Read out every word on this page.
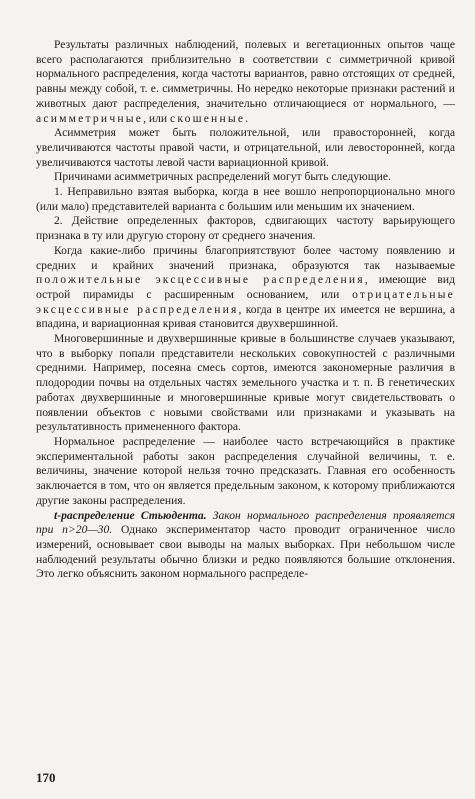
Результаты различных наблюдений, полевых и вегетационных опытов чаще всего располагаются приблизительно в соответствии с симметричной кривой нормального распределения, когда частоты вариантов, равно отстоящих от средней, равны между собой, т. е. симметричны. Но нередко некоторые признаки растений и животных дают распределения, значительно отличающиеся от нормального, — асимметричные, или скошенные.

Асимметрия может быть положительной, или правосторонней, когда увеличиваются частоты правой части, и отрицательной, или левосторонней, когда увеличиваются частоты левой части вариационной кривой.

Причинами асимметричных распределений могут быть следующие.

1. Неправильно взятая выборка, когда в нее вошло непропорционально много (или мало) представителей варианта с большим или меньшим их значением.

2. Действие определенных факторов, сдвигающих частоту варьирующего признака в ту или другую сторону от среднего значения.

Когда какие-либо причины благоприятствуют более частому появлению и средних и крайних значений признака, образуются так называемые положительные эксцессивные распределения, имеющие вид острой пирамиды с расширенным основанием, или отрицательные эксцессивные распределения, когда в центре их имеется не вершина, а впадина, и вариационная кривая становится двухвершинной.

Многовершинные и двухвершинные кривые в большинстве случаев указывают, что в выборку попали представители нескольких совокупностей с различными средними. Например, посеяна смесь сортов, имеются закономерные различия в плодородии почвы на отдельных частях земельного участка и т. п. В генетических работах двухвершинные и многовершинные кривые могут свидетельствовать о появлении объектов с новыми свойствами или признаками и указывать на результативность примененного фактора.

Нормальное распределение — наиболее часто встречающийся в практике экспериментальной работы закон распределения случайной величины, т. е. величины, значение которой нельзя точно предсказать. Главная его особенность заключается в том, что он является предельным законом, к которому приближаются другие законы распределения.

t-распределение Стьюдента. Закон нормального распределения проявляется при n>20—30. Однако экспериментатор часто проводит ограниченное число измерений, основывает свои выводы на малых выборках. При небольшом числе наблюдений результаты обычно близки и редко появляются большие отклонения. Это легко объяснить законом нормального распределе-

170
